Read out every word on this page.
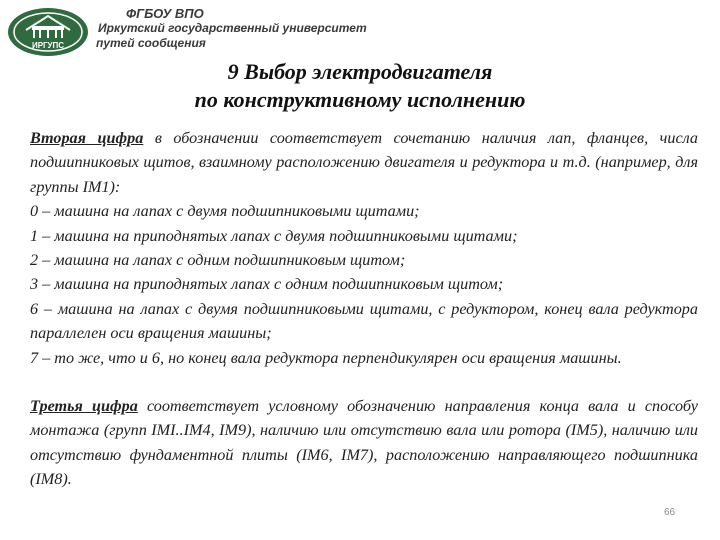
ИРГУПС
ФГБОУ ВПО
Иркутский государственный университет
путей сообщения
9 Выбор электродвигателя
по конструктивному исполнению

Вторая цифра в обозначении соответствует сочетанию наличия лап, фланцев, числа подшипниковых щитов, взаимному расположению двигателя и редуктора и т.д. (например, для группы IM1):

0 – машина на лапах с двумя подшипниковыми щитами;

1 – машина на приподнятых лапах с двумя подшипниковыми щитами;

2 – машина на лапах с одним подшипниковым щитом;

3 – машина на приподнятых лапах с одним подшипниковым щитом;

6 – машина на лапах с двумя подшипниковыми щитами, с редуктором, конец вала редуктора параллелен оси вращения машины;

7 – то же, что и 6, но конец вала редуктора перпендикулярен оси вращения машины.

Третья цифра соответствует условному обозначению направления конца вала и способу монтажа (групп IMI..IM4, IM9), наличию или отсутствию вала или ротора (IM5), наличию или отсутствию фундаментной плиты (IM6, IM7), расположению направляющего подшипника (IM8).

66
